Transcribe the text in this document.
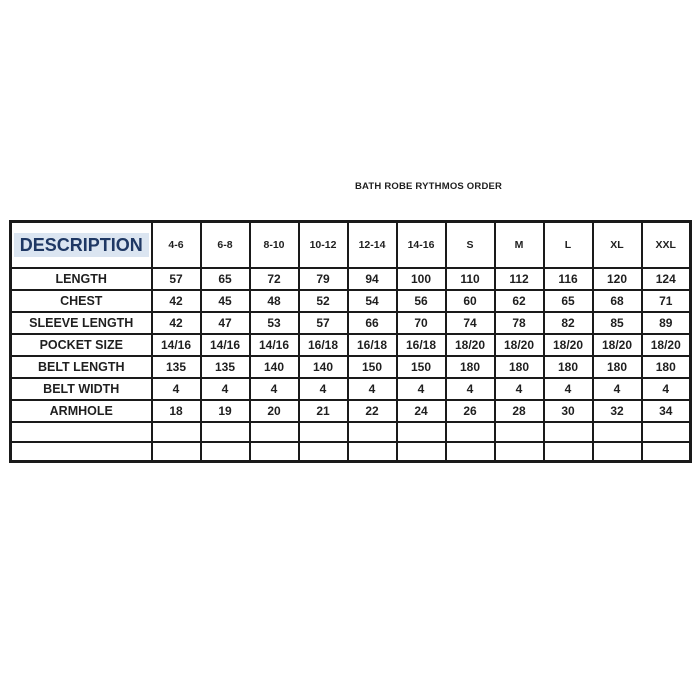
BATH ROBE RYTHMOS ORDER
DESCRIPTION	4-6	6-8	8-10	10-12	12-14	14-16	S	M	L	XL	XXL
LENGTH	57	65	72	79	94	100	110	112	116	120	124
CHEST	42	45	48	52	54	56	60	62	65	68	71
SLEEVE LENGTH	42	47	53	57	66	70	74	78	82	85	89
POCKET SIZE	14/16	14/16	14/16	16/18	16/18	16/18	18/20	18/20	18/20	18/20	18/20
BELT LENGTH	135	135	140	140	150	150	180	180	180	180	180
BELT WIDTH	4	4	4	4	4	4	4	4	4	4	4
ARMHOLE	18	19	20	21	22	24	26	28	30	32	34
